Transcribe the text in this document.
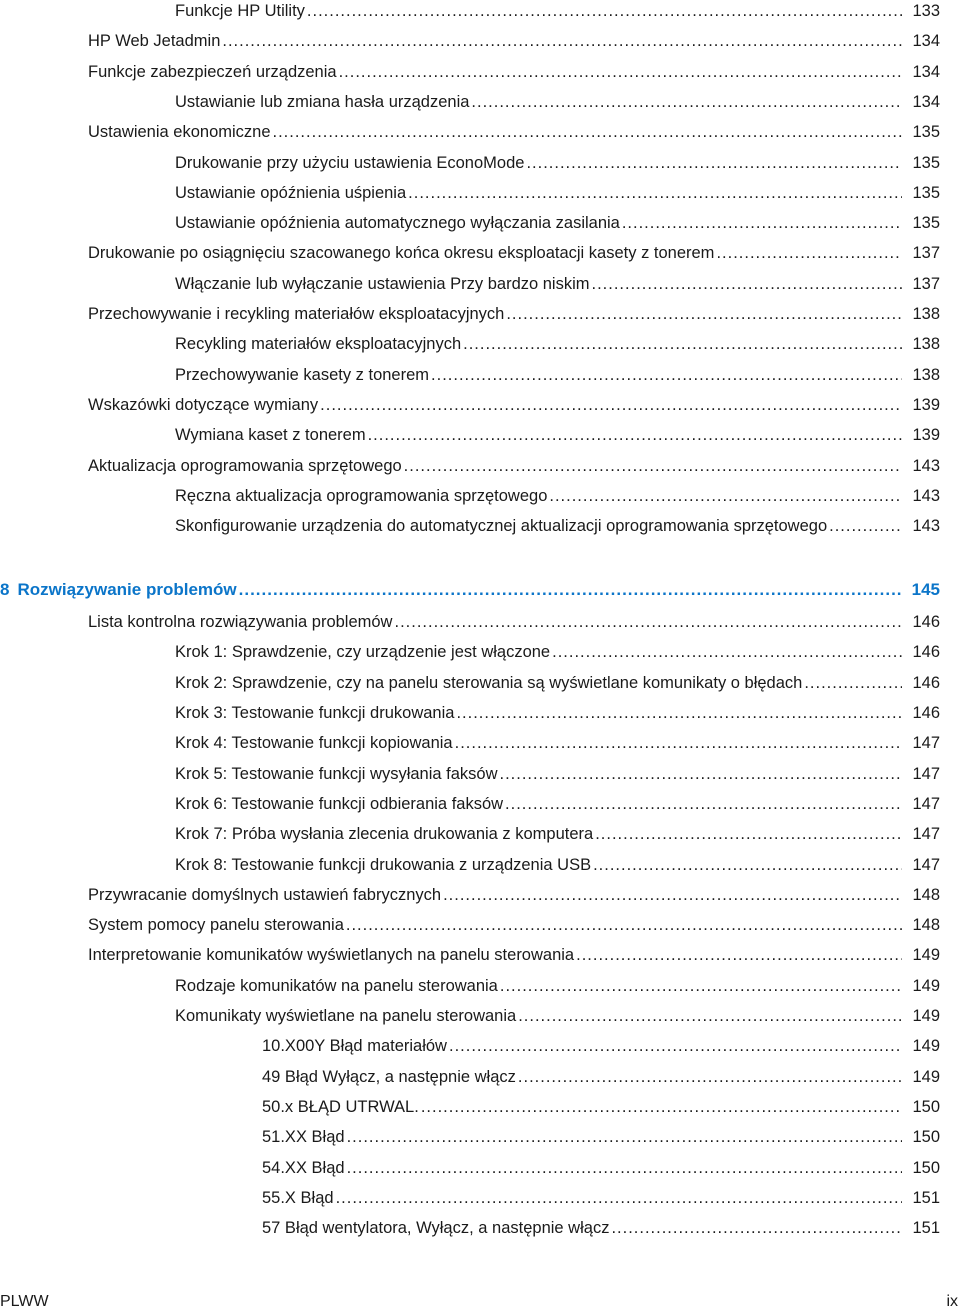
Funkcje HP Utility .....	133
HP Web Jetadmin .....	134
Funkcje zabezpieczeń urządzenia .....	134
Ustawianie lub zmiana hasła urządzenia .....	134
Ustawienia ekonomiczne .....	135
Drukowanie przy użyciu ustawienia EconoMode .....	135
Ustawianie opóźnienia uśpienia .....	135
Ustawianie opóźnienia automatycznego wyłączania zasilania .....	135
Drukowanie po osiągnięciu szacowanego końca okresu eksploatacji kasety z tonerem .....	137
Włączanie lub wyłączanie ustawienia Przy bardzo niskim .....	137
Przechowywanie i recykling materiałów eksploatacyjnych .....	138
Recykling materiałów eksploatacyjnych .....	138
Przechowywanie kasety z tonerem .....	138
Wskazówki dotyczące wymiany .....	139
Wymiana kaset z tonerem .....	139
Aktualizacja oprogramowania sprzętowego .....	143
Ręczna aktualizacja oprogramowania sprzętowego .....	143
Skonfigurowanie urządzenia do automatycznej aktualizacji oprogramowania sprzętowego .....	143
8 Rozwiązywanie problemów .....	145
Lista kontrolna rozwiązywania problemów .....	146
Krok 1: Sprawdzenie, czy urządzenie jest włączone .....	146
Krok 2: Sprawdzenie, czy na panelu sterowania są wyświetlane komunikaty o błędach .....	146
Krok 3: Testowanie funkcji drukowania .....	146
Krok 4: Testowanie funkcji kopiowania .....	147
Krok 5: Testowanie funkcji wysyłania faksów .....	147
Krok 6: Testowanie funkcji odbierania faksów .....	147
Krok 7: Próba wysłania zlecenia drukowania z komputera .....	147
Krok 8: Testowanie funkcji drukowania z urządzenia USB .....	147
Przywracanie domyślnych ustawień fabrycznych .....	148
System pomocy panelu sterowania .....	148
Interpretowanie komunikatów wyświetlanych na panelu sterowania .....	149
Rodzaje komunikatów na panelu sterowania .....	149
Komunikaty wyświetlane na panelu sterowania .....	149
10.X00Y Błąd materiałów .....	149
49 Błąd Wyłącz, a następnie włącz .....	149
50.x BŁĄD UTRWAL. .....	150
51.XX Błąd .....	150
54.XX Błąd .....	150
55.X Błąd .....	151
57 Błąd wentylatora, Wyłącz, a następnie włącz .....	151
PLWW	ix
